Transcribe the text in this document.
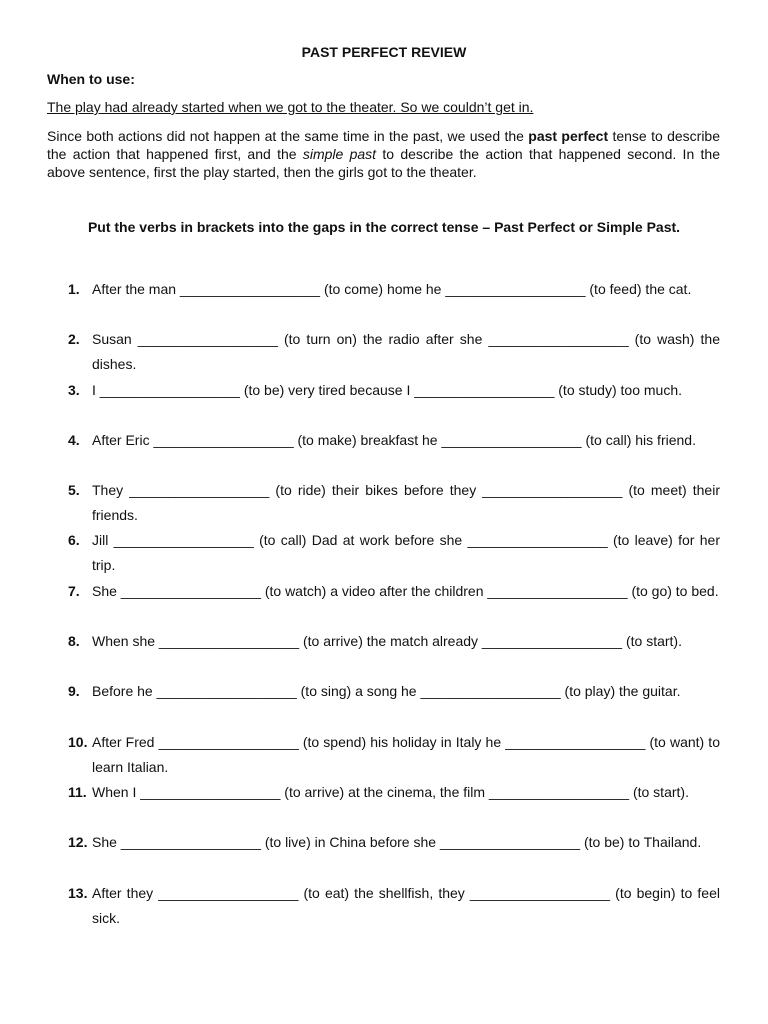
PAST PERFECT REVIEW
When to use:
The play had already started when we got to the theater. So we couldn’t get in.
Since both actions did not happen at the same time in the past, we used the past perfect tense to describe the action that happened first, and the simple past to describe the action that happened second. In the above sentence, first the play started, then the girls got to the theater.
Put the verbs in brackets into the gaps in the correct tense – Past Perfect or Simple Past.
1. After the man __________________ (to come) home he __________________ (to feed) the cat.
2. Susan __________________ (to turn on) the radio after she __________________ (to wash) the dishes.
3. I __________________ (to be) very tired because I __________________ (to study) too much.
4. After Eric __________________ (to make) breakfast he __________________ (to call) his friend.
5. They __________________ (to ride) their bikes before they __________________ (to meet) their friends.
6. Jill __________________ (to call) Dad at work before she __________________ (to leave) for her trip.
7. She __________________ (to watch) a video after the children __________________ (to go) to bed.
8. When she __________________ (to arrive) the match already __________________ (to start).
9. Before he __________________ (to sing) a song he __________________ (to play) the guitar.
10. After Fred __________________ (to spend) his holiday in Italy he __________________ (to want) to learn Italian.
11. When I __________________ (to arrive) at the cinema, the film __________________ (to start).
12. She __________________ (to live) in China before she __________________ (to be) to Thailand.
13. After they __________________ (to eat) the shellfish, they __________________ (to begin) to feel sick.
